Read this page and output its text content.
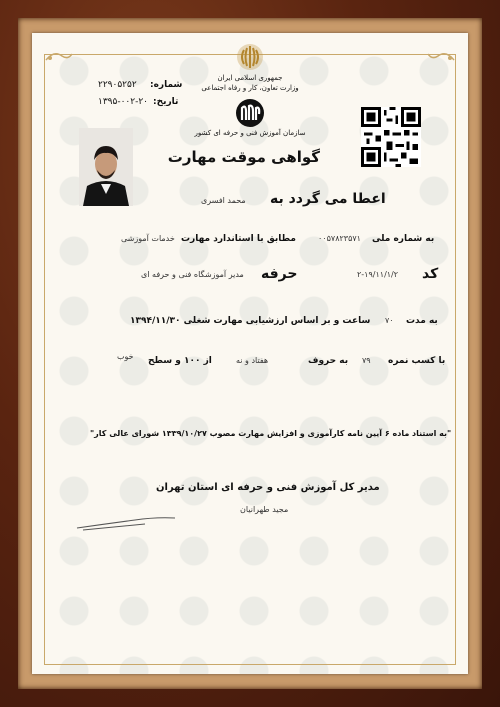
جمهوری اسلامی ایران
وزارت تعاون، کار و رفاه اجتماعی
شماره:
۲۲۹۰۵۲۵۲
تاریخ:
۱۳۹۵-۰۰۲-۲۰
سازمان آموزش فنی و حرفه ای کشور
گواهی موقت مهارت
اعطا می گردد به
محمد افسری
به شماره ملی
۰۰۵۷۸۲۳۵۷۱
مطابق با استاندارد مهارت
خدمات آموزشی
کد
۲-۱۹/۱۱/۱/۲
حرفه
مدیر آموزشگاه فنی و حرفه ای
به مدت
۷۰
ساعت و بر اساس ارزشیابی مهارت شغلی ۱۳۹۴/۱۱/۳۰
با کسب نمره
۷۹
به حروف
هفتاد و نه
از ۱۰۰ و سطح
خوب
"به استناد ماده ۶ آیین نامه کارآموزی و افزایش مهارت مصوب ۱۳۳۹/۱۰/۲۷ شورای عالی کار"
مدیر کل آموزش فنی و حرفه ای استان تهران
مجید طهرانیان
